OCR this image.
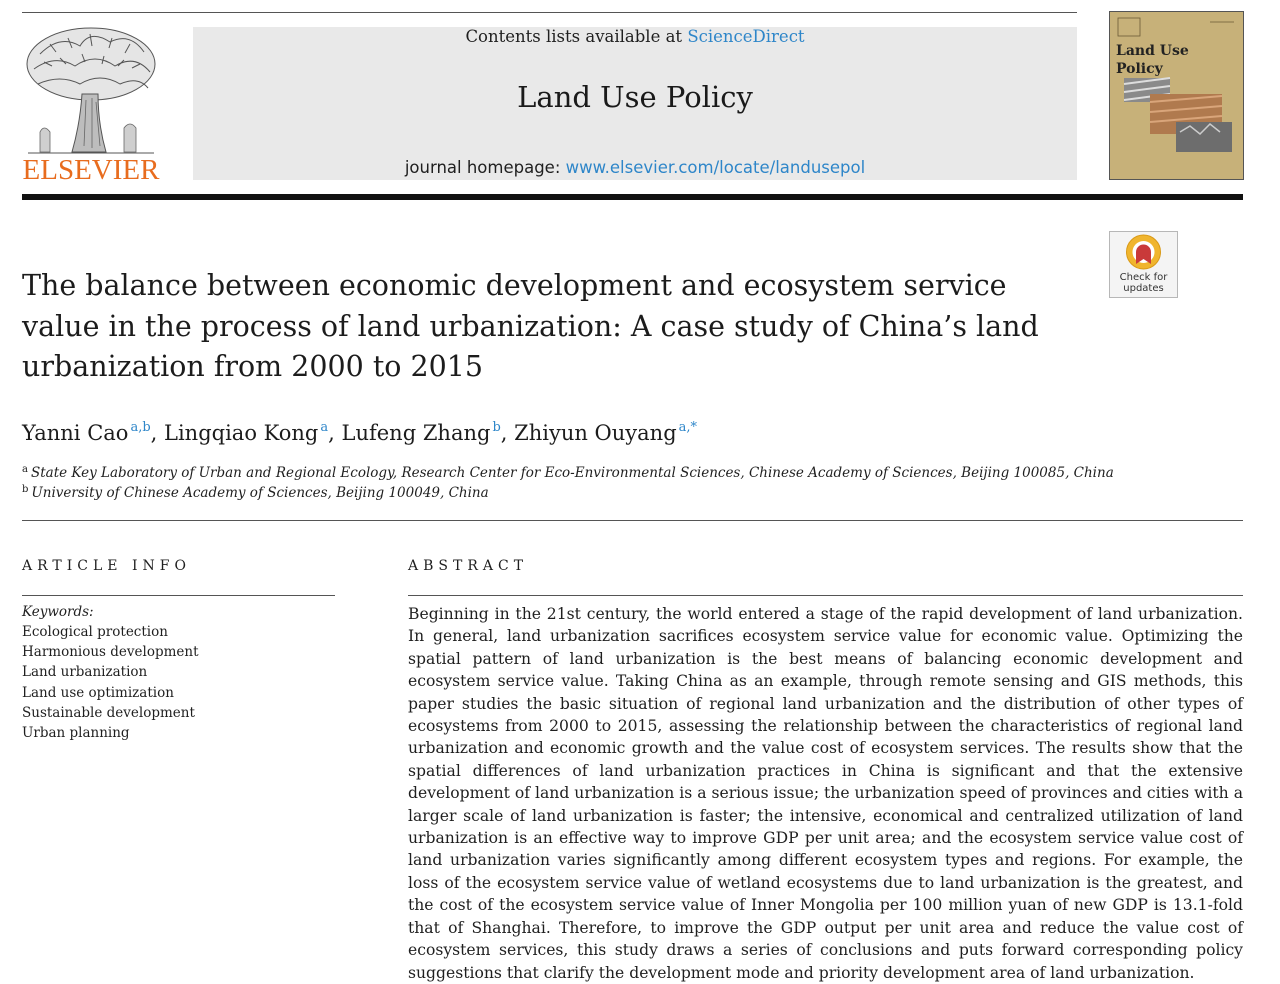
ELSEVIER
Contents lists available at ScienceDirect
Land Use Policy
journal homepage: www.elsevier.com/locate/landusepol
Land Use Policy
Check for
updates
The balance between economic development and ecosystem service value in the process of land urbanization: A case study of China’s land urbanization from 2000 to 2015
Yanni Cao $^{a,b}$, Lingqiao Kong $^a$, Lufeng Zhang $^b$, Zhiyun Ouyang $^{a,*}$
$^a$ State Key Laboratory of Urban and Regional Ecology, Research Center for Eco-Environmental Sciences, Chinese Academy of Sciences, Beijing 100085, China
$^b$ University of Chinese Academy of Sciences, Beijing 100049, China
ARTICLE INFO
Keywords:
Ecological protection
Harmonious development
Land urbanization
Land use optimization
Sustainable development
Urban planning
ABSTRACT

Beginning in the 21st century, the world entered a stage of the rapid development of land urbanization. In general, land urbanization sacrifices ecosystem service value for economic value. Optimizing the spatial pattern of land urbanization is the best means of balancing economic development and ecosystem service value. Taking China as an example, through remote sensing and GIS methods, this paper studies the basic situation of regional land urbanization and the distribution of other types of ecosystems from 2000 to 2015, assessing the relationship between the characteristics of regional land urbanization and economic growth and the value cost of ecosystem services. The results show that the spatial differences of land urbanization practices in China is significant and that the extensive development of land urbanization is a serious issue; the urbanization speed of provinces and cities with a larger scale of land urbanization is faster; the intensive, economical and centralized utilization of land urbanization is an effective way to improve GDP per unit area; and the ecosystem service value cost of land urbanization varies significantly among different ecosystem types and regions. For example, the loss of the ecosystem service value of wetland ecosystems due to land urbanization is the greatest, and the cost of the ecosystem service value of Inner Mongolia per 100 million yuan of new GDP is 13.1-fold that of Shanghai. Therefore, to improve the GDP output per unit area and reduce the value cost of ecosystem services, this study draws a series of conclusions and puts forward corresponding policy suggestions that clarify the development mode and priority development area of land urbanization.
